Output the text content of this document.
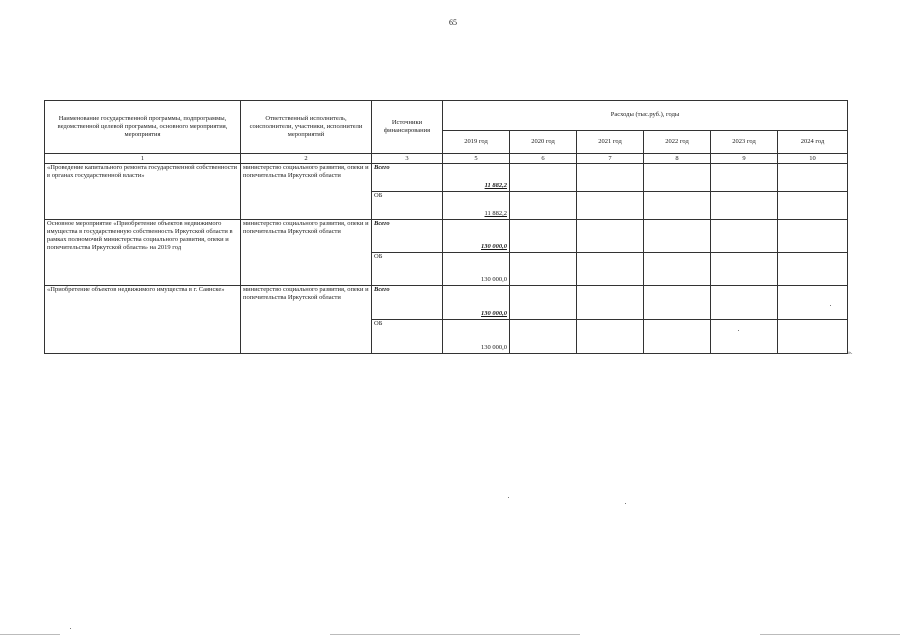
65
Наименование государственной программы, подпрограммы, ведомственной целевой программы, основного мероприятия, мероприятия	Ответственный исполнитель, соисполнители, участники, исполнители мероприятий	Источники финансирования	Расходы (тыс.руб.), годы					
			2019 год	2020 год	2021 год	2022 год	2023 год	2024 год
1	2	3	5	6	7	8	9	10
«Проведение капитального ремонта государственной собственности в органах государственной власти»	министерство социального развития, опеки и попечительства Иркутской области	Всего	11 882,2					

		ОБ	11 882,2					

Основное мероприятие «Приобретение объектов недвижимого имущества в государственную собственность Иркутской области в рамках полномочий министерства социального развития, опеки и попечительства Иркутской области» на 2019 год	министерство социального развития, опеки и попечительства Иркутской области	Всего	130 000,0					

		ОБ	130 000,0					

«Приобретение объектов недвижимого имущества в г. Саянске»	министерство социального развития, опеки и попечительства Иркутской области	Всего	130 000,0					

		ОБ	130 000,0					

».
